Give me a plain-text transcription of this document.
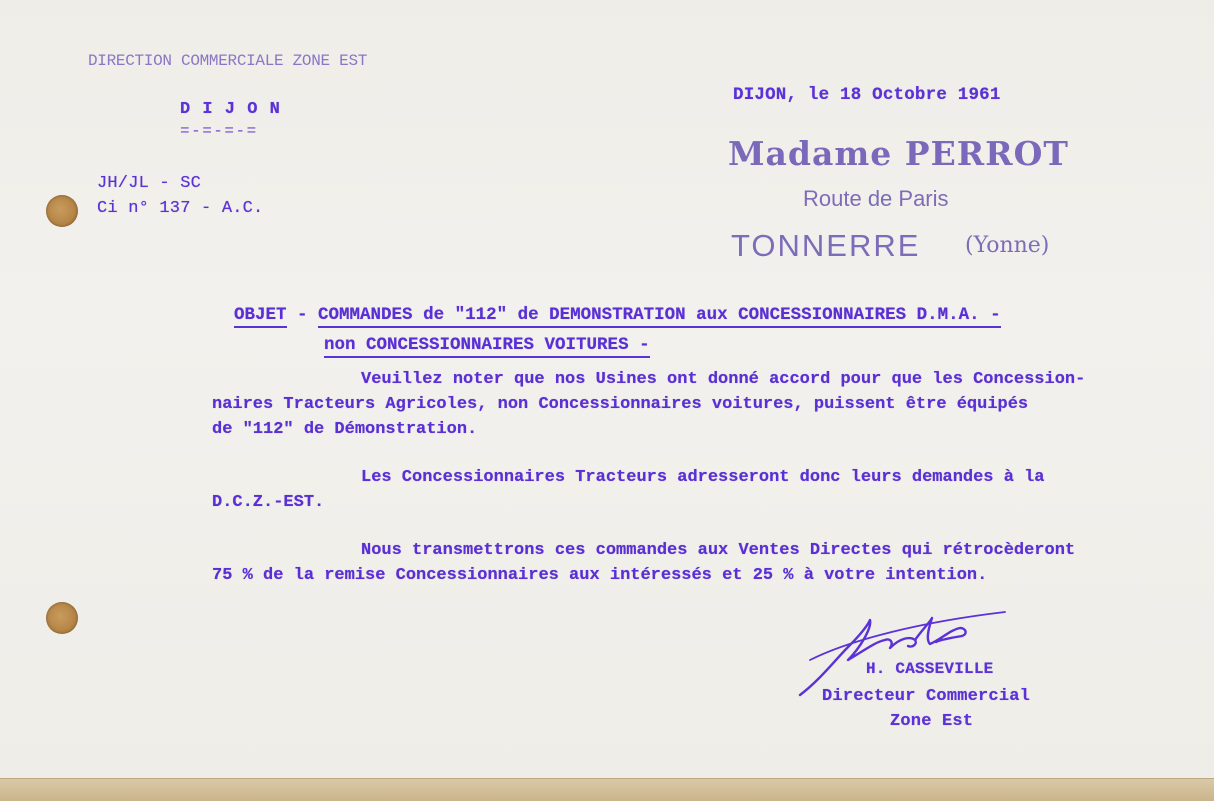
DIRECTION COMMERCIALE ZONE EST
D I J O N
=-=-=-=
JH/JL - SC
Ci n° 137 - A.C.
DIJON, le 18 Octobre 1961
Madame PERROT
Route de Paris
TONNERRE (Yonne)

OBJET - COMMANDES de "112" de DEMONSTRATION aux CONCESSIONNAIRES D.M.A. -

non CONCESSIONNAIRES VOITURES -

Veuillez noter que nos Usines ont donné accord pour que les Concession-
naires Tracteurs Agricoles, non Concessionnaires voitures, puissent être équipés
de "112" de Démonstration.
Les Concessionnaires Tracteurs adresseront donc leurs demandes à la
D.C.Z.-EST.
Nous transmettrons ces commandes aux Ventes Directes qui rétrocèderont
75 % de la remise Concessionnaires aux intéressés et 25 % à votre intention.
H. CASSEVILLE
Directeur Commercial
Zone Est
